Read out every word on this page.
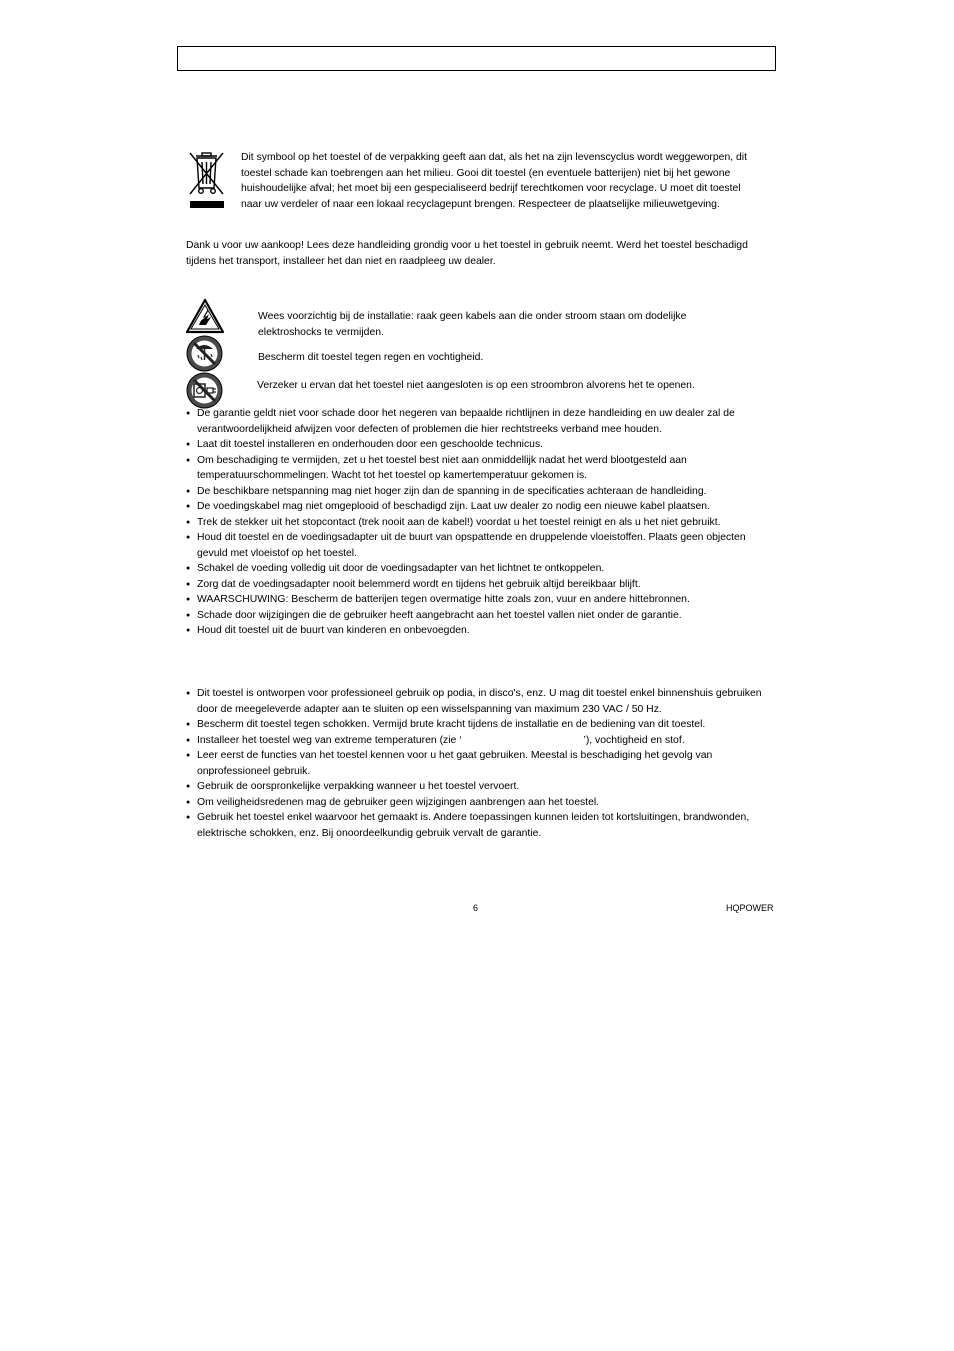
Dit symbool op het toestel of de verpakking geeft aan dat, als het na zijn levenscyclus wordt weggeworpen, dit toestel schade kan toebrengen aan het milieu. Gooi dit toestel (en eventuele batterijen) niet bij het gewone huishoudelijke afval; het moet bij een gespecialiseerd bedrijf terechtkomen voor recyclage. U moet dit toestel naar uw verdeler of naar een lokaal recyclagepunt brengen. Respecteer de plaatselijke milieuwetgeving.
Dank u voor uw aankoop! Lees deze handleiding grondig voor u het toestel in gebruik neemt. Werd het toestel beschadigd tijdens het transport, installeer het dan niet en raadpleeg uw dealer.
Wees voorzichtig bij de installatie: raak geen kabels aan die onder stroom staan om dodelijke elektroshocks te vermijden.
Bescherm dit toestel tegen regen en vochtigheid.
Verzeker u ervan dat het toestel niet aangesloten is op een stroombron alvorens het te openen.
● De garantie geldt niet voor schade door het negeren van bepaalde richtlijnen in deze handleiding en uw dealer zal de verantwoordelijkheid afwijzen voor defecten of problemen die hier rechtstreeks verband mee houden.
● Laat dit toestel installeren en onderhouden door een geschoolde technicus.
● Om beschadiging te vermijden, zet u het toestel best niet aan onmiddellijk nadat het werd blootgesteld aan temperatuurschommelingen. Wacht tot het toestel op kamertemperatuur gekomen is.
● De beschikbare netspanning mag niet hoger zijn dan de spanning in de specificaties achteraan de handleiding.
● De voedingskabel mag niet omgeplooid of beschadigd zijn. Laat uw dealer zo nodig een nieuwe kabel plaatsen.
● Trek de stekker uit het stopcontact (trek nooit aan de kabel!) voordat u het toestel reinigt en als u het niet gebruikt.
● Houd dit toestel en de voedingsadapter uit de buurt van opspattende en druppelende vloeistoffen. Plaats geen objecten gevuld met vloeistof op het toestel.
● Schakel de voeding volledig uit door de voedingsadapter van het lichtnet te ontkoppelen.
● Zorg dat de voedingsadapter nooit belemmerd wordt en tijdens het gebruik altijd bereikbaar blijft.
● WAARSCHUWING: Bescherm de batterijen tegen overmatige hitte zoals zon, vuur en andere hittebronnen.
● Schade door wijzigingen die de gebruiker heeft aangebracht aan het toestel vallen niet onder de garantie.
● Houd dit toestel uit de buurt van kinderen en onbevoegden.
● Dit toestel is ontworpen voor professioneel gebruik op podia, in disco's, enz. U mag dit toestel enkel binnenshuis gebruiken door de meegeleverde adapter aan te sluiten op een wisselspanning van maximum 230 VAC / 50 Hz.
● Bescherm dit toestel tegen schokken. Vermijd brute kracht tijdens de installatie en de bediening van dit toestel.
● Installeer het toestel weg van extreme temperaturen (zie ‘	’), vochtigheid en stof.
● Leer eerst de functies van het toestel kennen voor u het gaat gebruiken. Meestal is beschadiging het gevolg van onprofessioneel gebruik.
● Gebruik de oorspronkelijke verpakking wanneer u het toestel vervoert.
● Om veiligheidsredenen mag de gebruiker geen wijzigingen aanbrengen aan het toestel.
● Gebruik het toestel enkel waarvoor het gemaakt is. Andere toepassingen kunnen leiden tot kortsluitingen, brandwonden, elektrische schokken, enz. Bij onoordeelkundig gebruik vervalt de garantie.
6	HQPOWER
